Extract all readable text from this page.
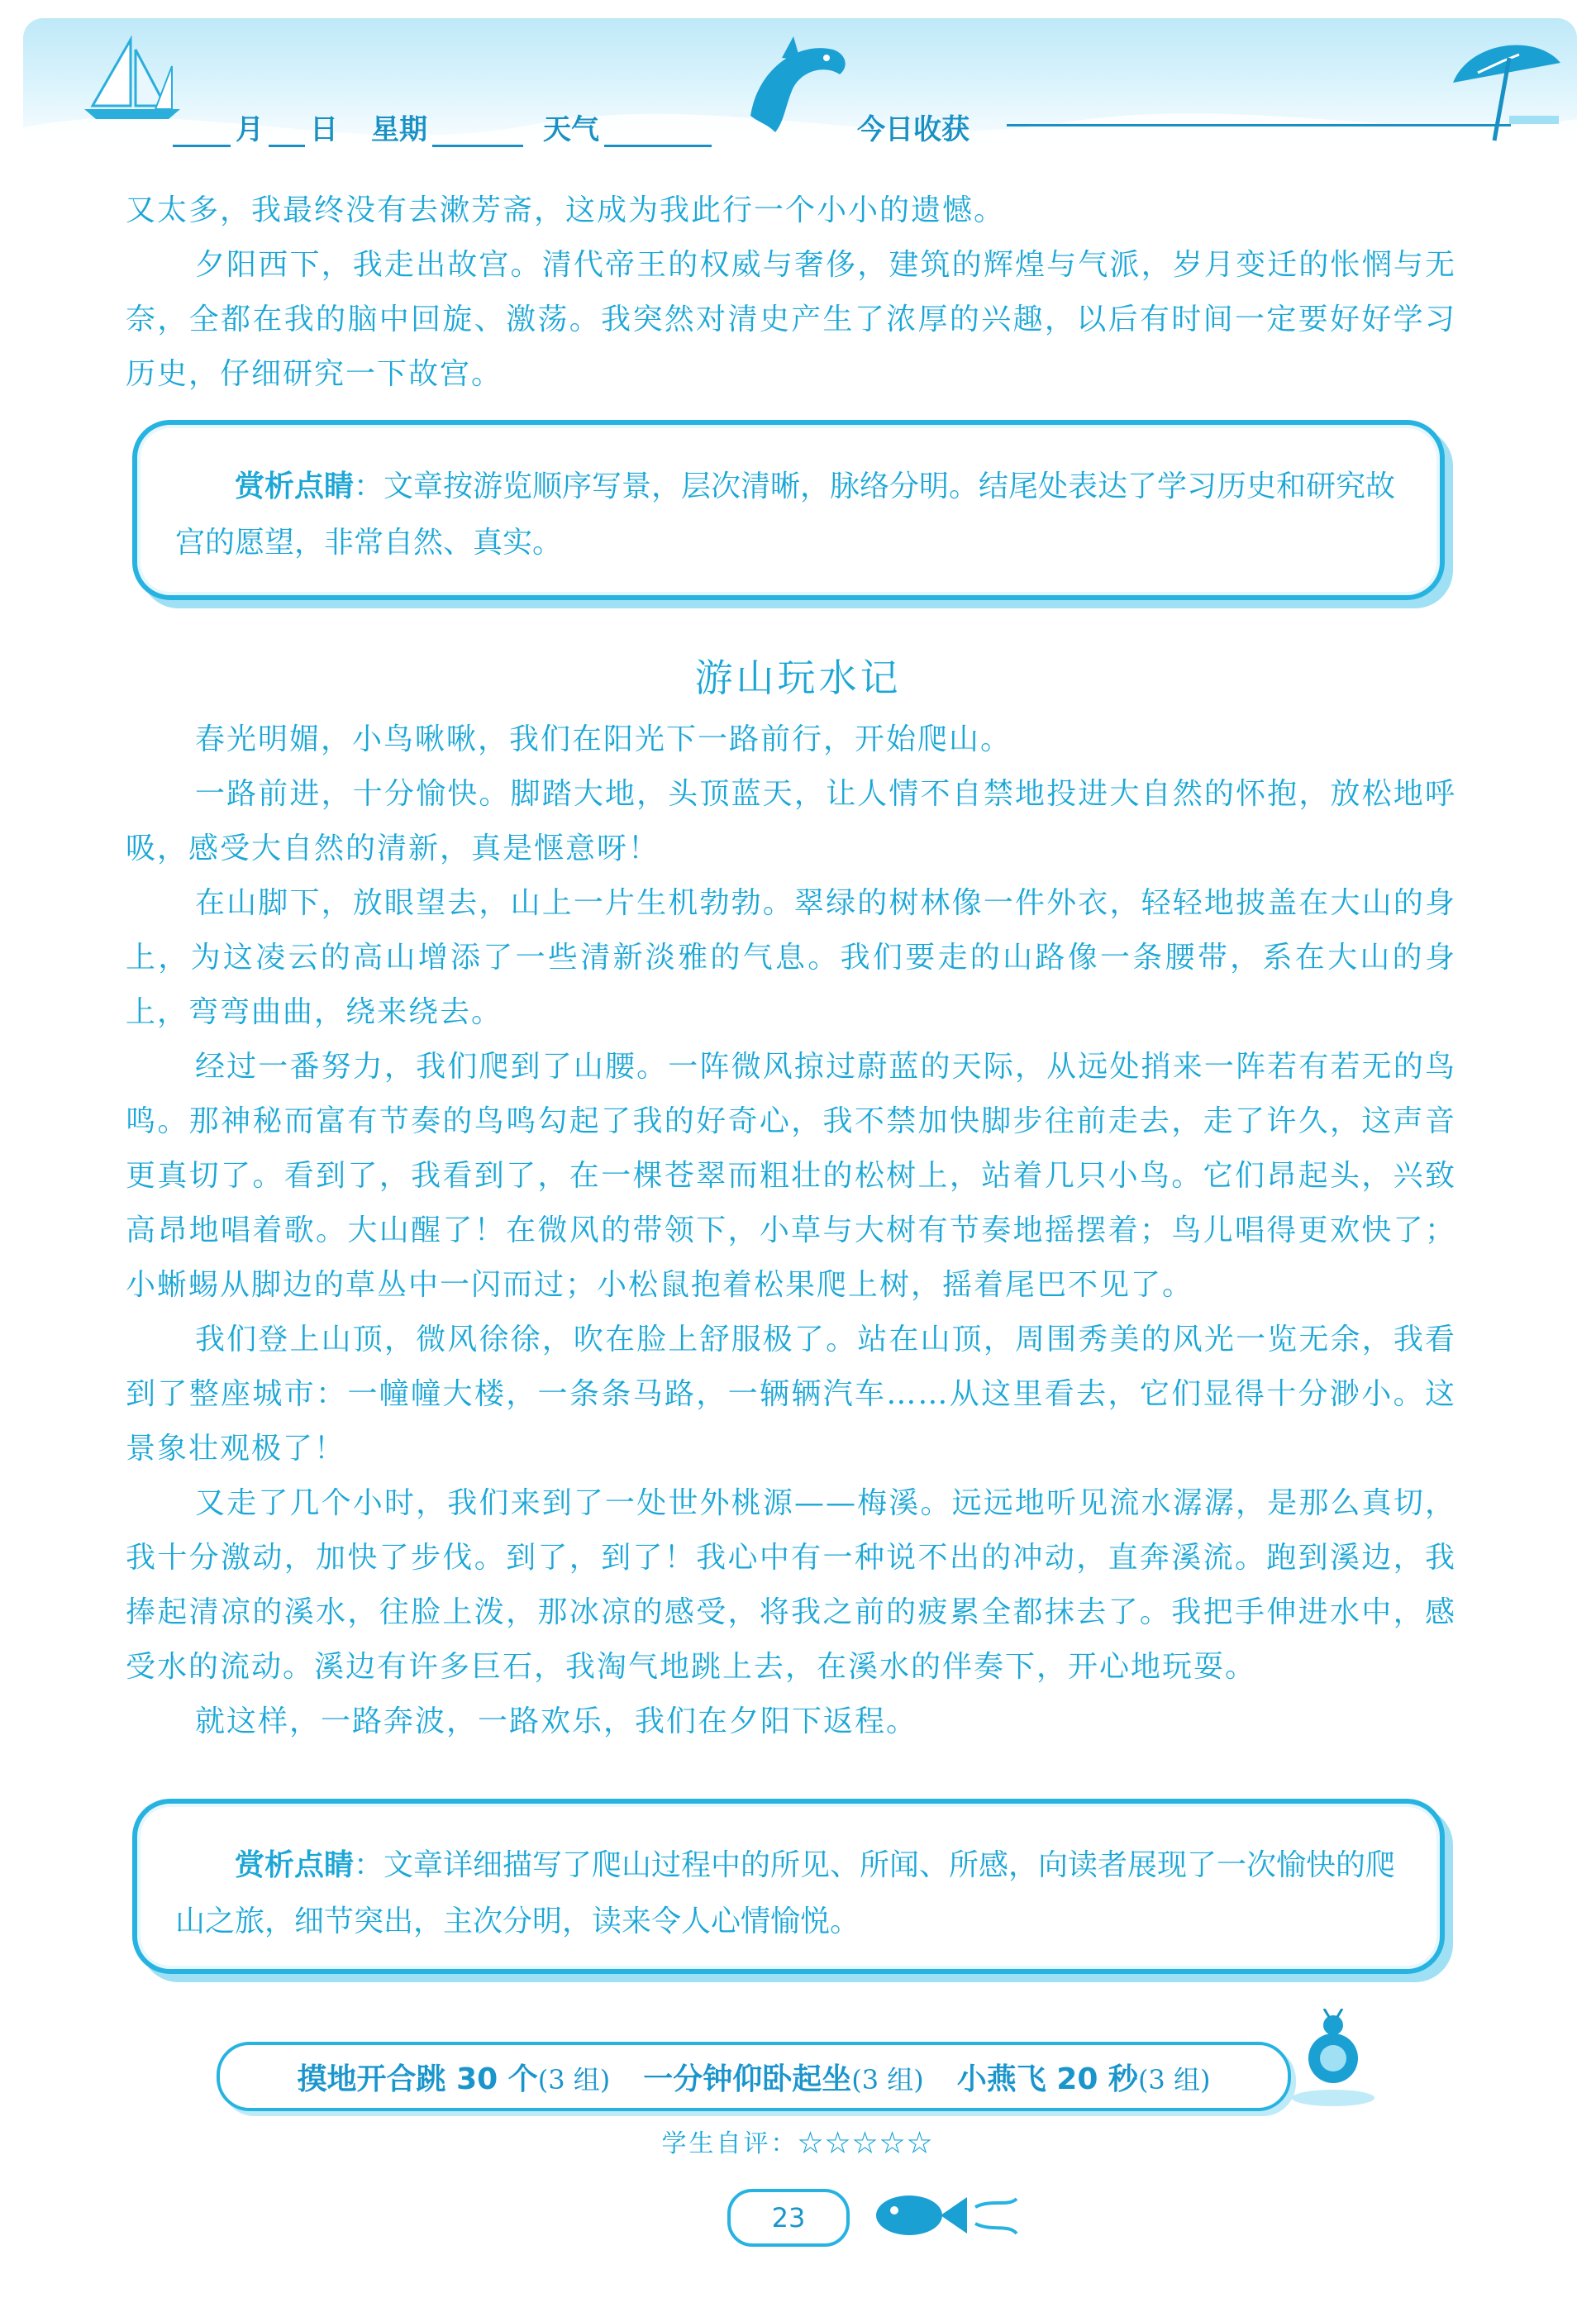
月 日 星期	天气	今日收获
又太多，我最终没有去漱芳斋，这成为我此行一个小小的遗憾。
夕阳西下，我走出故宫。清代帝王的权威与奢侈，建筑的辉煌与气派，岁月变迁的怅惘与无奈，全都在我的脑中回旋、激荡。我突然对清史产生了浓厚的兴趣，以后有时间一定要好好学习历史，仔细研究一下故宫。
赏析点睛：文章按游览顺序写景，层次清晰，脉络分明。结尾处表达了学习历史和研究故宫的愿望，非常自然、真实。
游山玩水记
春光明媚，小鸟啾啾，我们在阳光下一路前行，开始爬山。
一路前进，十分愉快。脚踏大地，头顶蓝天，让人情不自禁地投进大自然的怀抱，放松地呼吸，感受大自然的清新，真是惬意呀！
在山脚下，放眼望去，山上一片生机勃勃。翠绿的树林像一件外衣，轻轻地披盖在大山的身上，为这凌云的高山增添了一些清新淡雅的气息。我们要走的山路像一条腰带，系在大山的身上，弯弯曲曲，绕来绕去。
经过一番努力，我们爬到了山腰。一阵微风掠过蔚蓝的天际，从远处捎来一阵若有若无的鸟鸣。那神秘而富有节奏的鸟鸣勾起了我的好奇心，我不禁加快脚步往前走去，走了许久，这声音更真切了。看到了，我看到了，在一棵苍翠而粗壮的松树上，站着几只小鸟。它们昂起头，兴致高昂地唱着歌。大山醒了！在微风的带领下，小草与大树有节奏地摇摆着；鸟儿唱得更欢快了；小蜥蜴从脚边的草丛中一闪而过；小松鼠抱着松果爬上树，摇着尾巴不见了。
我们登上山顶，微风徐徐，吹在脸上舒服极了。站在山顶，周围秀美的风光一览无余，我看到了整座城市：一幢幢大楼，一条条马路，一辆辆汽车……从这里看去，它们显得十分渺小。这景象壮观极了！
又走了几个小时，我们来到了一处世外桃源——梅溪。远远地听见流水潺潺，是那么真切，我十分激动，加快了步伐。到了，到了！我心中有一种说不出的冲动，直奔溪流。跑到溪边，我捧起清凉的溪水，往脸上泼，那冰凉的感受，将我之前的疲累全都抹去了。我把手伸进水中，感受水的流动。溪边有许多巨石，我淘气地跳上去，在溪水的伴奏下，开心地玩耍。
就这样，一路奔波，一路欢乐，我们在夕阳下返程。
赏析点睛：文章详细描写了爬山过程中的所见、所闻、所感，向读者展现了一次愉快的爬山之旅，细节突出，主次分明，读来令人心情愉悦。
摸地开合跳 30 个(3 组) 一分钟仰卧起坐(3 组) 小燕飞 20 秒(3 组)
学生自评：☆☆☆☆☆
23
